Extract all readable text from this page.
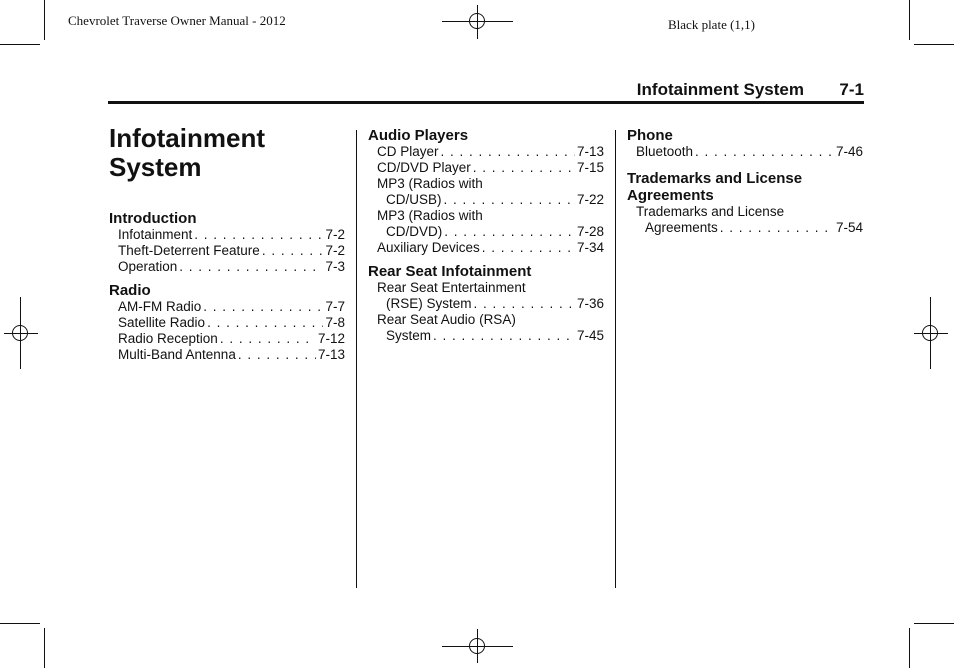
Chevrolet Traverse Owner Manual - 2012	Black plate (1,1)
Infotainment System 7-1
Infotainment
System
Introduction
Infotainment . . .	7-2
Theft-Deterrent Feature . . .	7-2
Operation . . .	7-3
Radio
AM-FM Radio . . .	7-7
Satellite Radio . . .	7-8
Radio Reception . . .	7-12
Multi-Band Antenna . . .	7-13
Audio Players
CD Player . . .	7-13
CD/DVD Player . . .	7-15
MP3 (Radios with
CD/USB) . . .	7-22
MP3 (Radios with
CD/DVD) . . .	7-28
Auxiliary Devices . . .	7-34
Rear Seat Infotainment
Rear Seat Entertainment
(RSE) System . . .	7-36
Rear Seat Audio (RSA)
System . . .	7-45
Phone
Bluetooth . . .	7-46
Trademarks and License
Agreements
Trademarks and License
Agreements . . .	7-54
